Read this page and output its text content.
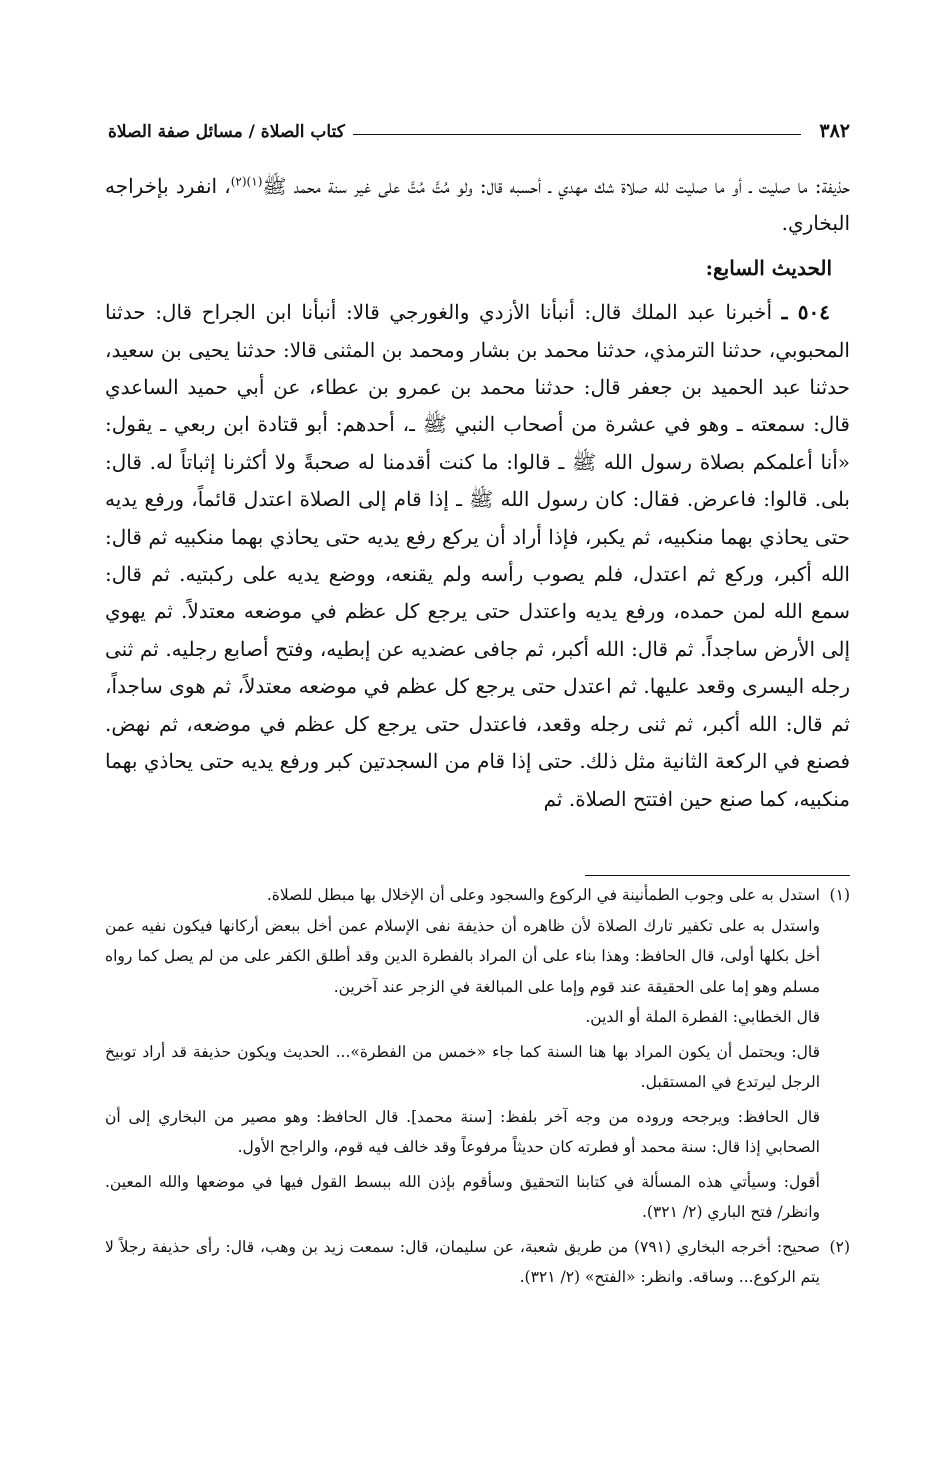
٣٨٢
كتاب الصلاة / مسائل صفة الصلاة

حذيفة: ما صليت ـ أو ما صليت لله صلاة شك مهدي ـ أحسبه قال: ولو مُتَّ مُتَّ على غير سنة محمد ﷺ$^{(١)(٢)}$، انفرد بإخراجه البخاري.

الحديث السابع:

 ٥٠٤ ـ أخبرنا عبد الملك قال: أنبأنا الأزدي والغورجي قالا: أنبأنا ابن الجراح قال: حدثنا المحبوبي، حدثنا الترمذي، حدثنا محمد بن بشار ومحمد بن المثنى قالا: حدثنا يحيى بن سعيد، حدثنا عبد الحميد بن جعفر قال: حدثنا محمد بن عمرو بن عطاء، عن أبي حميد الساعدي قال: سمعته ـ وهو في عشرة من أصحاب النبي ﷺ ـ، أحدهم: أبو قتادة ابن ربعي ـ يقول: «أنا أعلمكم بصلاة رسول الله ﷺ ـ قالوا: ما كنت أقدمنا له صحبةً ولا أكثرنا إثباتاً له. قال: بلى. قالوا: فاعرض. فقال: كان رسول الله ﷺ ـ إذا قام إلى الصلاة اعتدل قائماً، ورفع يديه حتى يحاذي بهما منكبيه، ثم يكبر، فإذا أراد أن يركع رفع يديه حتى يحاذي بهما منكبيه ثم قال: الله أكبر، وركع ثم اعتدل، فلم يصوب رأسه ولم يقنعه، ووضع يديه على ركبتيه. ثم قال: سمع الله لمن حمده، ورفع يديه واعتدل حتى يرجع كل عظم في موضعه معتدلاً. ثم يهوي إلى الأرض ساجداً. ثم قال: الله أكبر، ثم جافى عضديه عن إبطيه، وفتح أصابع رجليه. ثم ثنى رجله اليسرى وقعد عليها. ثم اعتدل حتى يرجع كل عظم في موضعه معتدلاً، ثم هوى ساجداً، ثم قال: الله أكبر، ثم ثنى رجله وقعد، فاعتدل حتى يرجع كل عظم في موضعه، ثم نهض. فصنع في الركعة الثانية مثل ذلك. حتى إذا قام من السجدتين كبر ورفع يديه حتى يحاذي بهما منكبيه، كما صنع حين افتتح الصلاة. ثم

(١)

استدل به على وجوب الطمأنينة في الركوع والسجود وعلى أن الإخلال بها مبطل للصلاة.

واستدل به على تكفير تارك الصلاة لأن ظاهره أن حذيفة نفى الإسلام عمن أخل ببعض أركانها فيكون نفيه عمن أخل بكلها أولى، قال الحافظ: وهذا بناء على أن المراد بالفطرة الدين وقد أطلق الكفر على من لم يصل كما رواه مسلم وهو إما على الحقيقة عند قوم وإما على المبالغة في الزجر عند آخرين.

قال الخطابي: الفطرة الملة أو الدين.

قال: ويحتمل أن يكون المراد بها هنا السنة كما جاء «خمس من الفطرة»... الحديث ويكون حذيفة قد أراد توبيخ الرجل ليرتدع في المستقبل.

قال الحافظ: ويرجحه وروده من وجه آخر بلفظ: [سنة محمد]. قال الحافظ: وهو مصير من البخاري إلى أن الصحابي إذا قال: سنة محمد أو فطرته كان حديثاً مرفوعاً وقد خالف فيه قوم، والراجح الأول.

أقول: وسيأتي هذه المسألة في كتابنا التحقيق وسأقوم بإذن الله ببسط القول فيها في موضعها والله المعين. وانظر/ فتح الباري (٢/ ٣٢١).

(٢)

صحيح: أخرجه البخاري (٧٩١) من طريق شعبة، عن سليمان، قال: سمعت زيد بن وهب، قال: رأى حذيفة رجلاً لا يتم الركوع... وساقه. وانظر: «الفتح» (٢/ ٣٢١).
